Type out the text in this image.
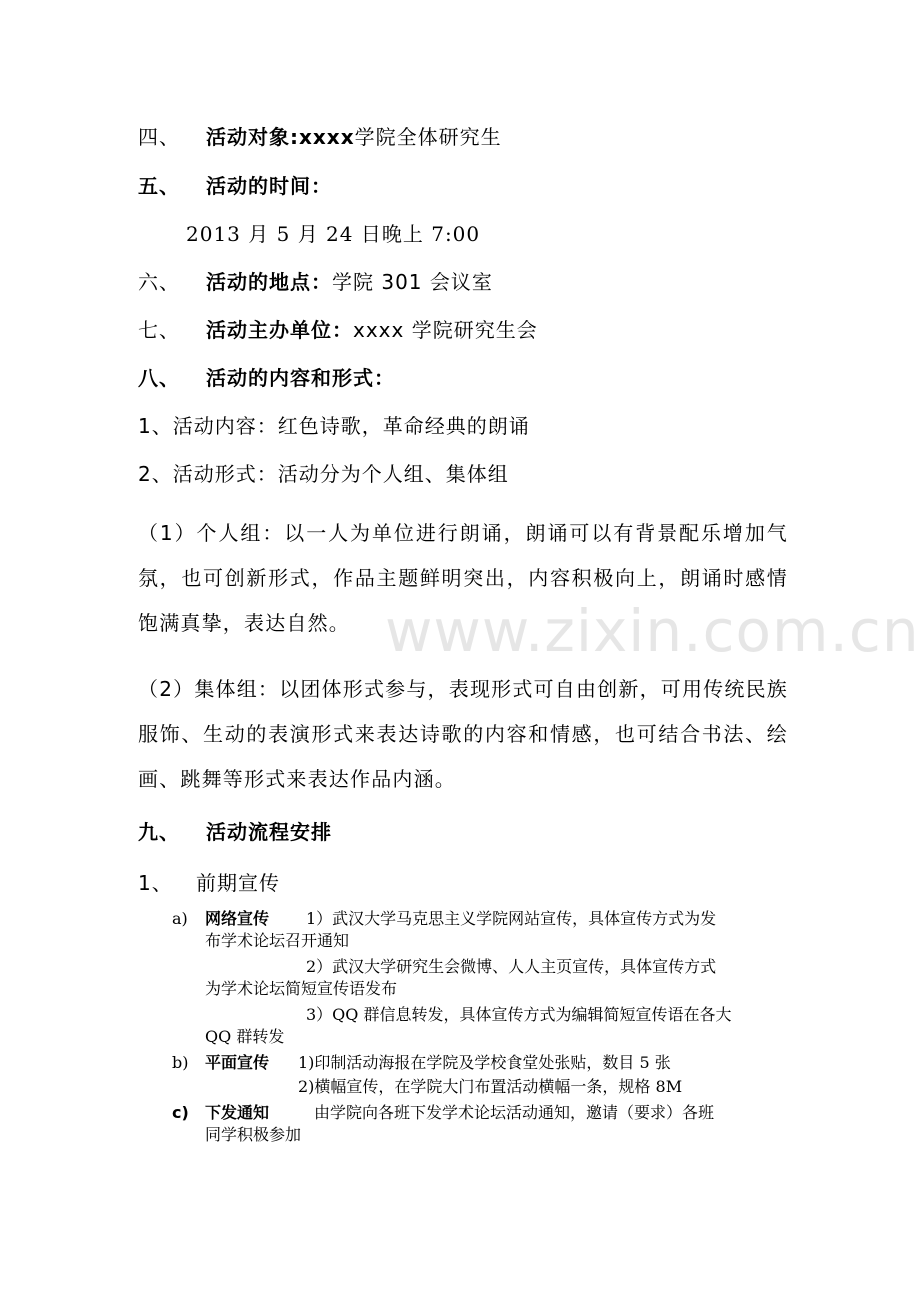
www.zixin.com.cn
四、 活动对象:xxxx学院全体研究生
五、 活动的时间：
2013 月 5 月 24 日晚上 7:00
六、 活动的地点：学院 301 会议室
七、 活动主办单位：xxxx 学院研究生会
八、 活动的内容和形式：
1、活动内容：红色诗歌，革命经典的朗诵
2、活动形式：活动分为个人组、集体组
（1）个人组：以一人为单位进行朗诵，朗诵可以有背景配乐增加气氛，也可创新形式，作品主题鲜明突出，内容积极向上，朗诵时感情饱满真挚，表达自然。
（2）集体组：以团体形式参与，表现形式可自由创新，可用传统民族服饰、生动的表演形式来表达诗歌的内容和情感，也可结合书法、绘画、跳舞等形式来表达作品内涵。
九、 活动流程安排
1、 前期宣传
a) 网络宣传 1）武汉大学马克思主义学院网站宣传，具体宣传方式为发
布学术论坛召开通知
2）武汉大学研究生会微博、人人主页宣传，具体宣传方式
为学术论坛简短宣传语发布
3）QQ 群信息转发，具体宣传方式为编辑简短宣传语在各大
QQ 群转发
b) 平面宣传 1)印制活动海报在学院及学校食堂处张贴，数目 5 张
2)横幅宣传，在学院大门布置活动横幅一条，规格 8M
c) 下发通知	由学院向各班下发学术论坛活动通知，邀请（要求）各班
同学积极参加
